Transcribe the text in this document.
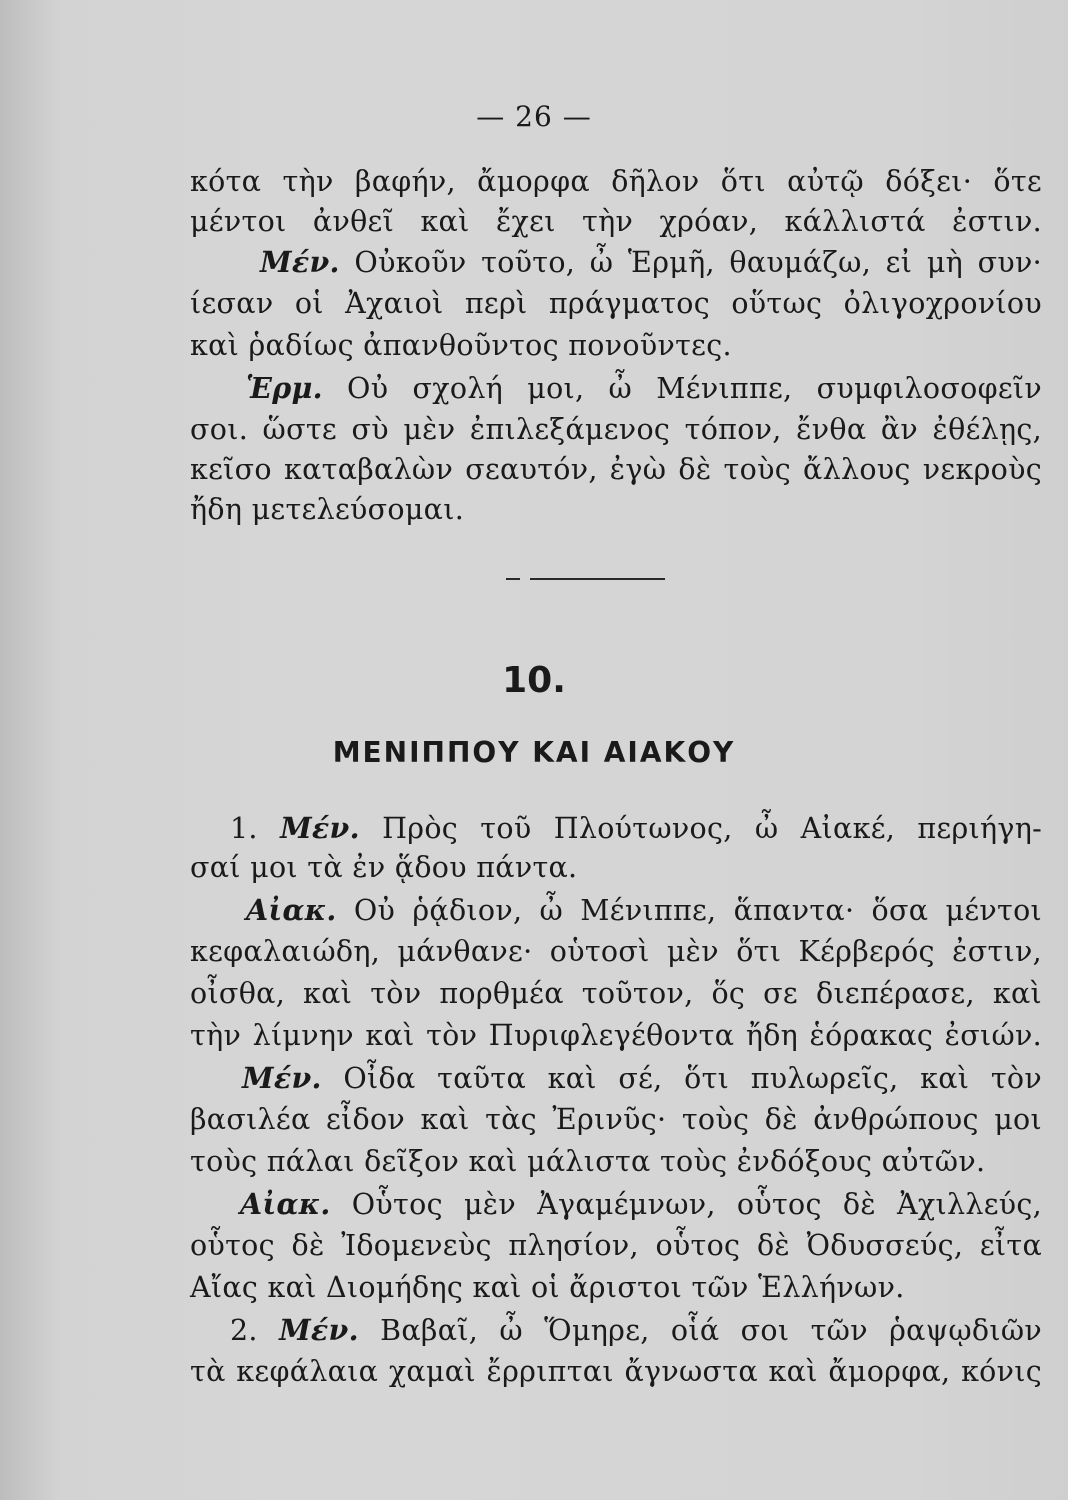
— 26 —
κότα τὴν βαφήν, ἄμορφα δῆλον ὅτι αὐτῷ δόξει· ὅτε
μέντοι ἀνθεῖ καὶ ἔχει τὴν χρόαν, κάλλιστά ἐστιν.
Μέν. Οὐκοῦν τοῦτο, ὦ Ἑρμῆ, θαυμάζω, εἰ μὴ συν·
ίεσαν οἱ Ἀχαιοὶ περὶ πράγματος οὕτως ὀλιγοχρονίου
καὶ ῥαδίως ἀπανθοῦντος πονοῦντες.
Ἑρμ. Οὐ σχολή μοι, ὦ Μένιππε, συμφιλοσοφεῖν
σοι. ὥστε σὺ μὲν ἐπιλεξάμενος τόπον, ἔνθα ἂν ἐθέλῃς,
κεῖσο καταβαλὼν σεαυτόν, ἐγὼ δὲ τοὺς ἄλλους νεκροὺς
ἤδη μετελεύσομαι.
10.
ΜΕΝΙΠΠΟΥ ΚΑΙ ΑΙΑΚΟΥ
1. Μέν. Πρὸς τοῦ Πλούτωνος, ὦ Αἰακέ, περιήγη-
σαί μοι τὰ ἐν ᾅδου πάντα.
Αἰακ. Οὐ ῥᾴδιον, ὦ Μένιππε, ἅπαντα· ὅσα μέντοι
κεφαλαιώδη, μάνθανε· οὑτοσὶ μὲν ὅτι Κέρβερός ἐστιν,
οἶσθα, καὶ τὸν πορθμέα τοῦτον, ὅς σε διεπέρασε, καὶ
τὴν λίμνην καὶ τὸν Πυριφλεγέθοντα ἤδη ἑόρακας ἐσιών.
Μέν. Οἶδα ταῦτα καὶ σέ, ὅτι πυλωρεῖς, καὶ τὸν
βασιλέα εἶδον καὶ τὰς Ἐρινῦς· τοὺς δὲ ἀνθρώπους μοι
τοὺς πάλαι δεῖξον καὶ μάλιστα τοὺς ἐνδόξους αὐτῶν.
Αἰακ. Οὗτος μὲν Ἀγαμέμνων, οὗτος δὲ Ἀχιλλεύς,
οὗτος δὲ Ἰδομενεὺς πλησίον, οὗτος δὲ Ὀδυσσεύς, εἶτα
Αἴας καὶ Διομήδης καὶ οἱ ἄριστοι τῶν Ἑλλήνων.
2. Μέν. Βαβαῖ, ὦ Ὅμηρε, οἷά σοι τῶν ῥαψῳδιῶν
τὰ κεφάλαια χαμαὶ ἔρριπται ἄγνωστα καὶ ἄμορφα, κόνις
